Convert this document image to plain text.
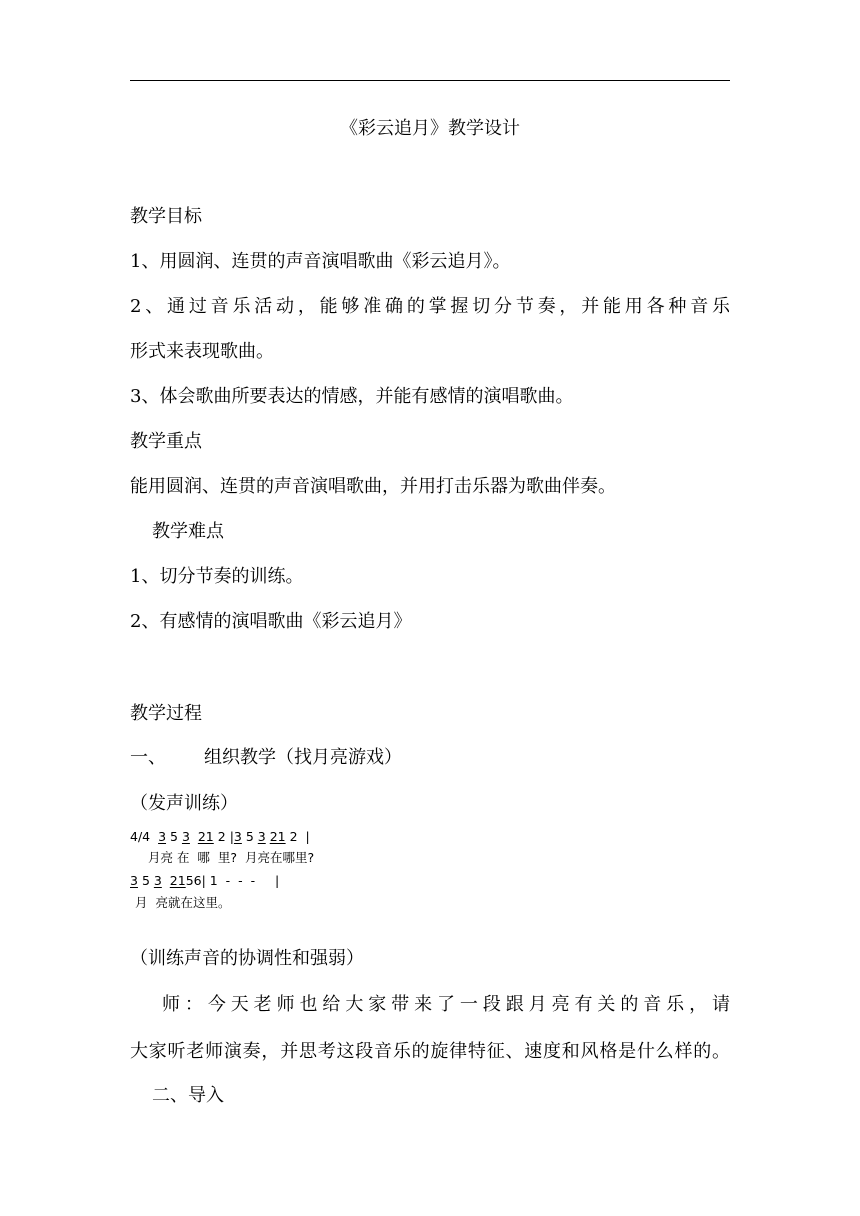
《彩云追月》教学设计
教学目标
1、用圆润、连贯的声音演唱歌曲《彩云追月》。
2、通过音乐活动，能够准确的掌握切分节奏，并能用各种音乐
形式来表现歌曲。
3、体会歌曲所要表达的情感，并能有感情的演唱歌曲。
教学重点
能用圆润、连贯的声音演唱歌曲，并用打击乐器为歌曲伴奏。
教学难点
1、切分节奏的训练。
2、有感情的演唱歌曲《彩云追月》
教学过程
一、 组织教学（找月亮游戏）
（发声训练）
4/4 3 5 3 21 2 |3 5 3 21 2 |
月亮 在  哪  里?  月亮在哪里?
3 5 3 2156| 1  -  -  - |
月  亮就在这里。
（训练声音的协调性和强弱）
师：今天老师也给大家带来了一段跟月亮有关的音乐，请
大家听老师演奏，并思考这段音乐的旋律特征、速度和风格是什么样的。
二、导入
